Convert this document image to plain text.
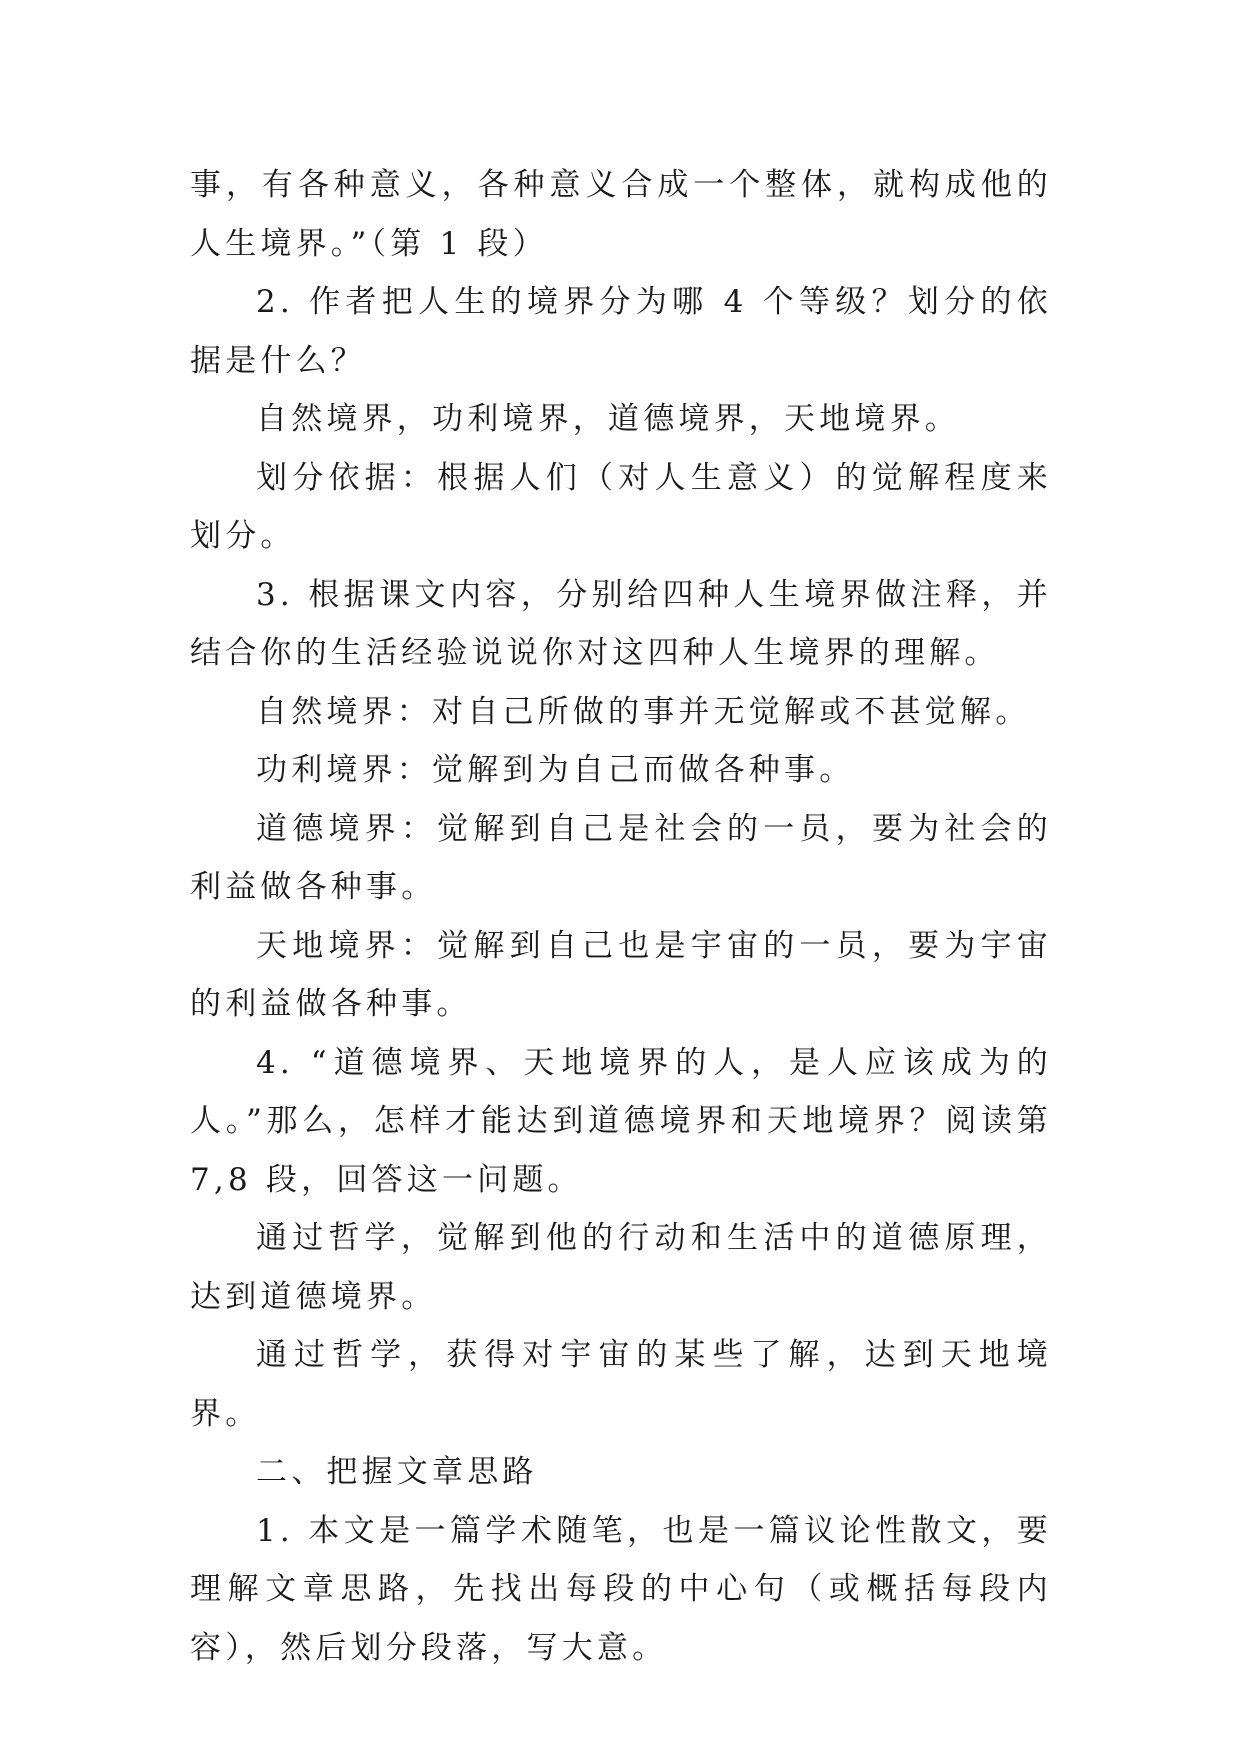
事，有各种意义，各种意义合成一个整体，就构成他的人生境界。”（第 1 段）

2. 作者把人生的境界分为哪 4 个等级？划分的依据是什么？

自然境界，功利境界，道德境界，天地境界。

划分依据：根据人们（对人生意义）的觉解程度来划分。

3. 根据课文内容，分别给四种人生境界做注释，并结合你的生活经验说说你对这四种人生境界的理解。

自然境界：对自己所做的事并无觉解或不甚觉解。

功利境界：觉解到为自己而做各种事。

道德境界：觉解到自己是社会的一员，要为社会的利益做各种事。

天地境界：觉解到自己也是宇宙的一员，要为宇宙的利益做各种事。

4. “道德境界、天地境界的人，是人应该成为的人。”那么，怎样才能达到道德境界和天地境界？阅读第 7,8 段，回答这一问题。

通过哲学，觉解到他的行动和生活中的道德原理，达到道德境界。

通过哲学，获得对宇宙的某些了解，达到天地境界。

二、把握文章思路

1. 本文是一篇学术随笔，也是一篇议论性散文，要理解文章思路，先找出每段的中心句（或概括每段内容），然后划分段落，写大意。
